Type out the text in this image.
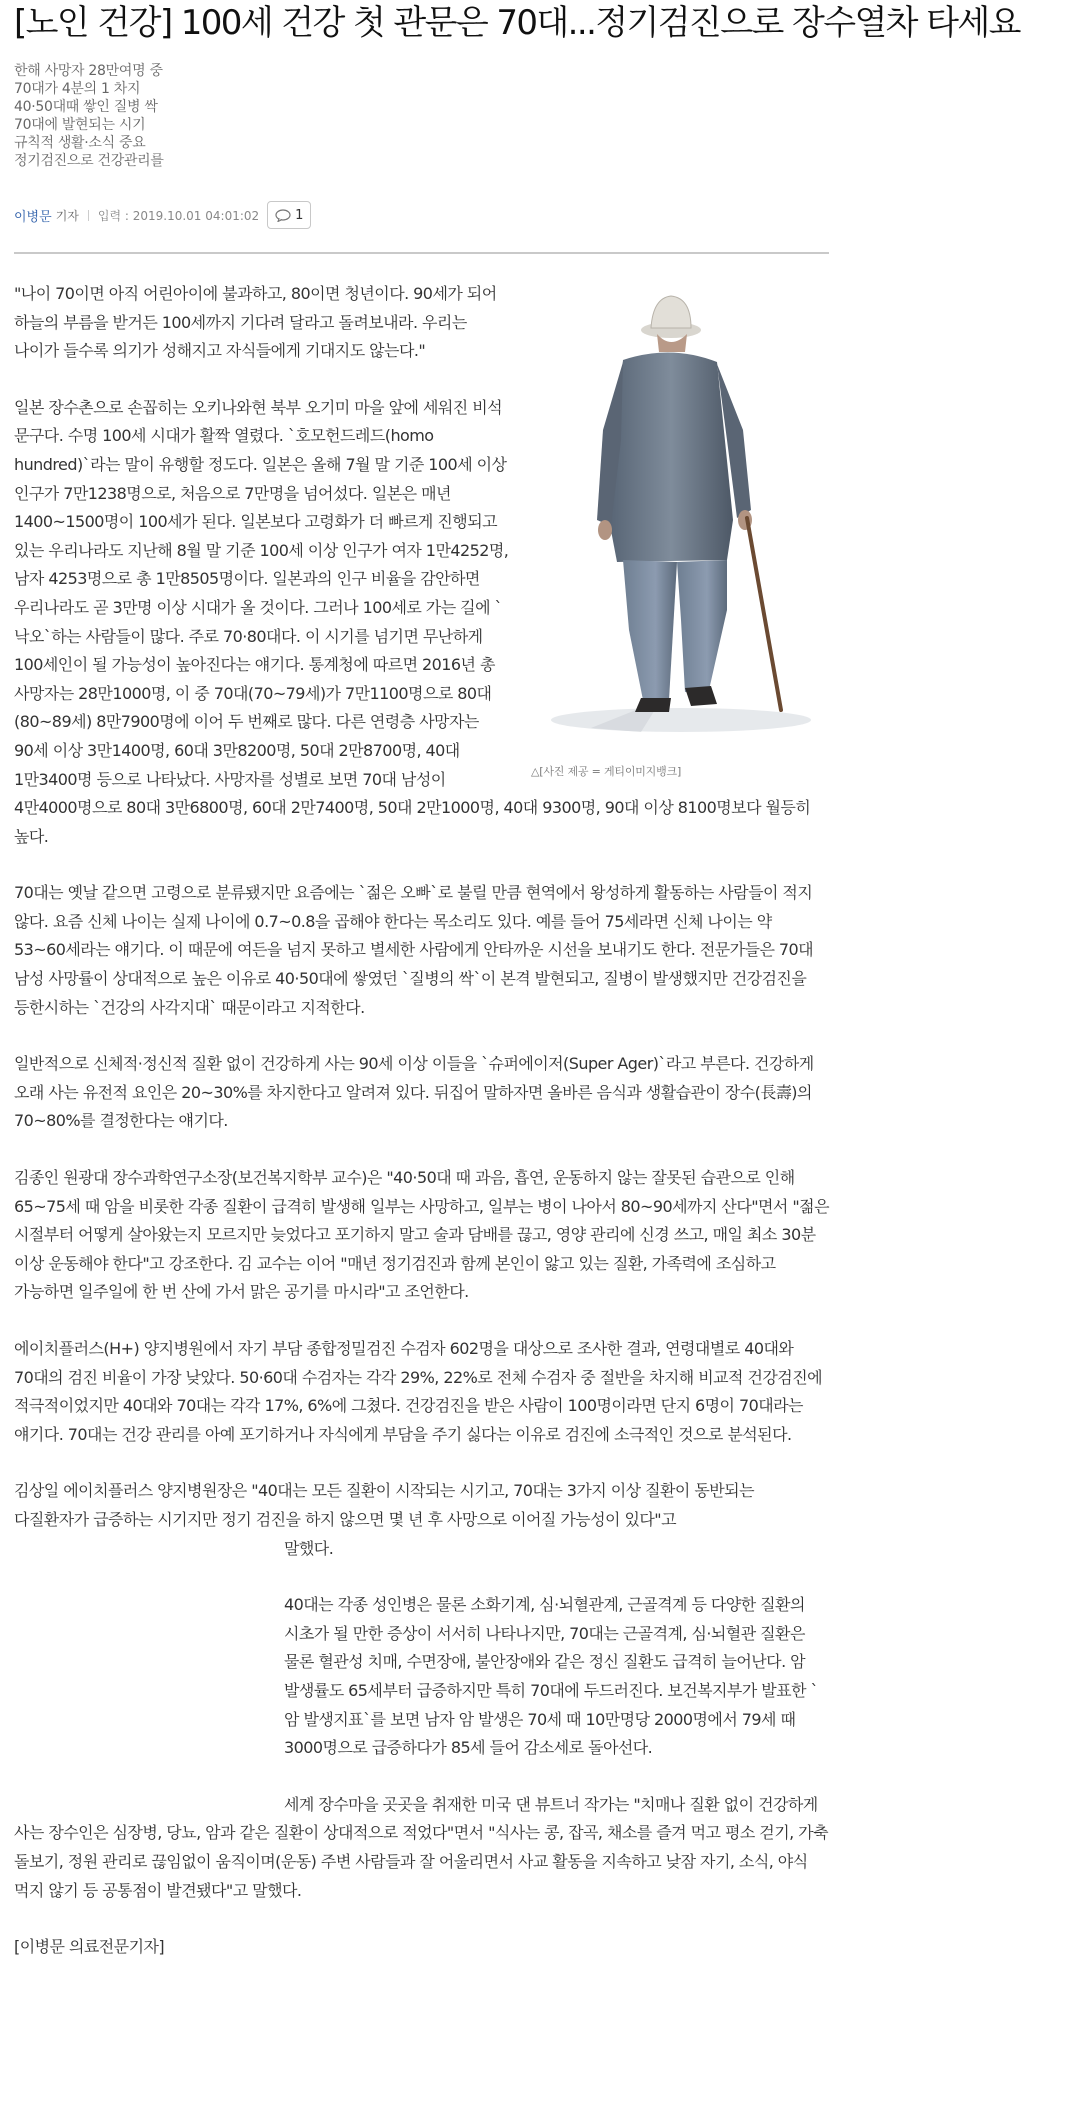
[노인 건강] 100세 건강 첫 관문은 70대...정기검진으로 장수열차 타세요
한해 사망자 28만여명 중
70대가 4분의 1 차지
40·50대때 쌓인 질병 싹
70대에 발현되는 시기
규칙적 생활·소식 중요
정기검진으로 건강관리를
이병문 기자 입력 : 2019.10.01 04:01:02	1
△[사진 제공 = 게티이미지뱅크]

"나이 70이면 아직 어린아이에 불과하고, 80이면 청년이다. 90세가 되어 하늘의 부름을 받거든 100세까지 기다려 달라고 돌려보내라. 우리는 나이가 들수록 의기가 성해지고 자식들에게 기대지도 않는다."

일본 장수촌으로 손꼽히는 오키나와현 북부 오기미 마을 앞에 세워진 비석 문구다. 수명 100세 시대가 활짝 열렸다. `호모헌드레드(homo hundred)`라는 말이 유행할 정도다. 일본은 올해 7월 말 기준 100세 이상 인구가 7만1238명으로, 처음으로 7만명을 넘어섰다. 일본은 매년 1400~1500명이 100세가 된다. 일본보다 고령화가 더 빠르게 진행되고 있는 우리나라도 지난해 8월 말 기준 100세 이상 인구가 여자 1만4252명, 남자 4253명으로 총 1만8505명이다. 일본과의 인구 비율을 감안하면 우리나라도 곧 3만명 이상 시대가 올 것이다. 그러나 100세로 가는 길에 `낙오`하는 사람들이 많다. 주로 70·80대다. 이 시기를 넘기면 무난하게 100세인이 될 가능성이 높아진다는 얘기다. 통계청에 따르면 2016년 총 사망자는 28만1000명, 이 중 70대(70~79세)가 7만1100명으로 80대(80~89세) 8만7900명에 이어 두 번째로 많다. 다른 연령층 사망자는 90세 이상 3만1400명, 60대 3만8200명, 50대 2만8700명, 40대 1만3400명 등으로 나타났다. 사망자를 성별로 보면 70대 남성이 4만4000명으로 80대 3만6800명, 60대 2만7400명, 50대 2만1000명, 40대 9300명, 90대 이상 8100명보다 월등히 높다.

70대는 옛날 같으면 고령으로 분류됐지만 요즘에는 `젊은 오빠`로 불릴 만큼 현역에서 왕성하게 활동하는 사람들이 적지 않다. 요즘 신체 나이는 실제 나이에 0.7~0.8을 곱해야 한다는 목소리도 있다. 예를 들어 75세라면 신체 나이는 약 53~60세라는 얘기다. 이 때문에 여든을 넘지 못하고 별세한 사람에게 안타까운 시선을 보내기도 한다. 전문가들은 70대 남성 사망률이 상대적으로 높은 이유로 40·50대에 쌓였던 `질병의 싹`이 본격 발현되고, 질병이 발생했지만 건강검진을 등한시하는 `건강의 사각지대` 때문이라고 지적한다.

일반적으로 신체적·정신적 질환 없이 건강하게 사는 90세 이상 이들을 `슈퍼에이저(Super Ager)`라고 부른다. 건강하게 오래 사는 유전적 요인은 20~30%를 차지한다고 알려져 있다. 뒤집어 말하자면 올바른 음식과 생활습관이 장수(長壽)의 70~80%를 결정한다는 얘기다.

김종인 원광대 장수과학연구소장(보건복지학부 교수)은 "40·50대 때 과음, 흡연, 운동하지 않는 잘못된 습관으로 인해 65~75세 때 암을 비롯한 각종 질환이 급격히 발생해 일부는 사망하고, 일부는 병이 나아서 80~90세까지 산다"면서 "젊은 시절부터 어떻게 살아왔는지 모르지만 늦었다고 포기하지 말고 술과 담배를 끊고, 영양 관리에 신경 쓰고, 매일 최소 30분 이상 운동해야 한다"고 강조한다. 김 교수는 이어 "매년 정기검진과 함께 본인이 앓고 있는 질환, 가족력에 조심하고 가능하면 일주일에 한 번 산에 가서 맑은 공기를 마시라"고 조언한다.

에이치플러스(H+) 양지병원에서 자기 부담 종합정밀검진 수검자 602명을 대상으로 조사한 결과, 연령대별로 40대와 70대의 검진 비율이 가장 낮았다. 50·60대 수검자는 각각 29%, 22%로 전체 수검자 중 절반을 차지해 비교적 건강검진에 적극적이었지만 40대와 70대는 각각 17%, 6%에 그쳤다. 건강검진을 받은 사람이 100명이라면 단지 6명이 70대라는 얘기다. 70대는 건강 관리를 아예 포기하거나 자식에게 부담을 주기 싫다는 이유로 검진에 소극적인 것으로 분석된다.

김상일 에이치플러스 양지병원장은 "40대는 모든 질환이 시작되는 시기고, 70대는 3가지 이상 질환이 동반되는 다질환자가 급증하는 시기지만 정기 검진을 하지 않으면 몇 년 후 사망으로 이어질 가능성이 있다"고

말했다.

40대는 각종 성인병은 물론 소화기계, 심·뇌혈관계, 근골격계 등 다양한 질환의 시초가 될 만한 증상이 서서히 나타나지만, 70대는 근골격계, 심·뇌혈관 질환은 물론 혈관성 치매, 수면장애, 불안장애와 같은 정신 질환도 급격히 늘어난다. 암 발생률도 65세부터 급증하지만 특히 70대에 두드러진다. 보건복지부가 발표한 `암 발생지표`를 보면 남자 암 발생은 70세 때 10만명당 2000명에서 79세 때 3000명으로 급증하다가 85세 들어 감소세로 돌아선다.

세계 장수마을 곳곳을 취재한 미국 댄 뷰트너 작가는 "치매나 질환 없이 건강하게 사는 장수인은 심장병, 당뇨, 암과 같은 질환이 상대적으로 적었다"면서 "식사는 콩, 잡곡, 채소를 즐겨 먹고 평소 걷기, 가축 돌보기, 정원 관리로 끊임없이 움직이며(운동) 주변 사람들과 잘 어울리면서 사교 활동을 지속하고 낮잠 자기, 소식, 야식 먹지 않기 등 공통점이 발견됐다"고 말했다.

[이병문 의료전문기자]
